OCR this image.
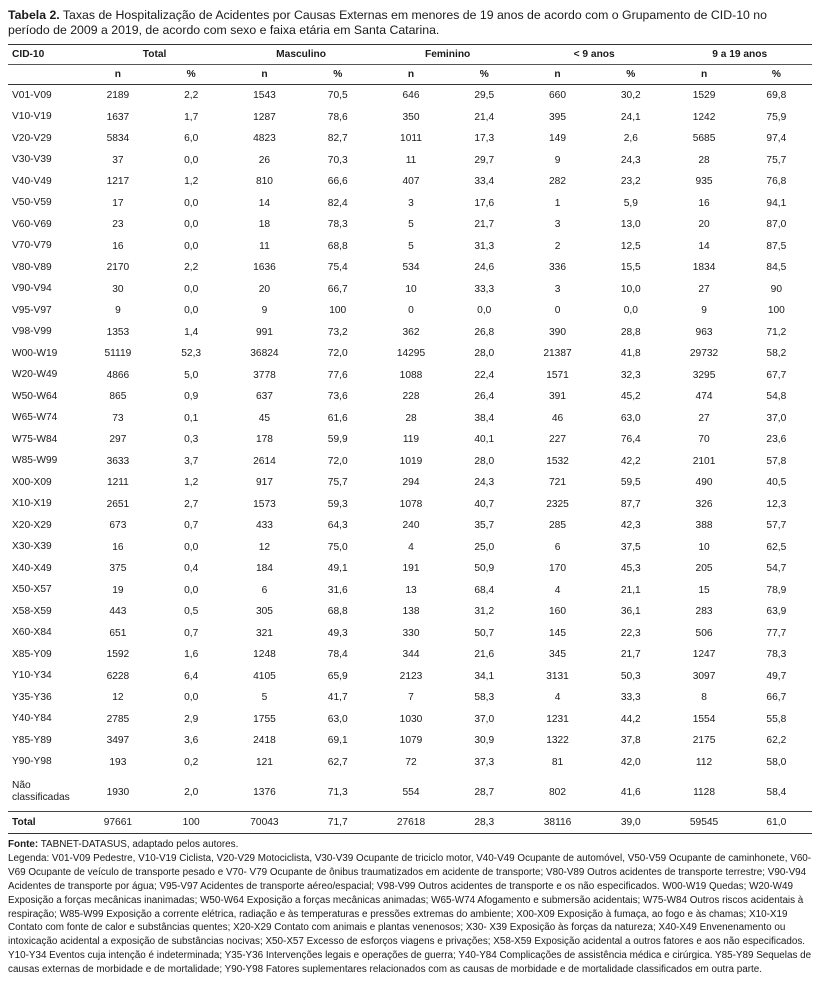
Tabela 2. Taxas de Hospitalização de Acidentes por Causas Externas em menores de 19 anos de acordo com o Grupamento de CID-10 no período de 2009 a 2019, de acordo com sexo e faixa etária em Santa Catarina.

CID-10	Total		Masculino		Feminino		< 9 anos		9 a 19 anos	
	n	%	n	%	n	%	n	%	n	%
V01-V09	2189	2,2	1543	70,5	646	29,5	660	30,2	1529	69,8
V10-V19	1637	1,7	1287	78,6	350	21,4	395	24,1	1242	75,9
V20-V29	5834	6,0	4823	82,7	1011	17,3	149	2,6	5685	97,4
V30-V39	37	0,0	26	70,3	11	29,7	9	24,3	28	75,7
V40-V49	1217	1,2	810	66,6	407	33,4	282	23,2	935	76,8
V50-V59	17	0,0	14	82,4	3	17,6	1	5,9	16	94,1
V60-V69	23	0,0	18	78,3	5	21,7	3	13,0	20	87,0
V70-V79	16	0,0	11	68,8	5	31,3	2	12,5	14	87,5
V80-V89	2170	2,2	1636	75,4	534	24,6	336	15,5	1834	84,5
V90-V94	30	0,0	20	66,7	10	33,3	3	10,0	27	90
V95-V97	9	0,0	9	100	0	0,0	0	0,0	9	100
V98-V99	1353	1,4	991	73,2	362	26,8	390	28,8	963	71,2
W00-W19	51119	52,3	36824	72,0	14295	28,0	21387	41,8	29732	58,2
W20-W49	4866	5,0	3778	77,6	1088	22,4	1571	32,3	3295	67,7
W50-W64	865	0,9	637	73,6	228	26,4	391	45,2	474	54,8
W65-W74	73	0,1	45	61,6	28	38,4	46	63,0	27	37,0
W75-W84	297	0,3	178	59,9	119	40,1	227	76,4	70	23,6
W85-W99	3633	3,7	2614	72,0	1019	28,0	1532	42,2	2101	57,8
X00-X09	1211	1,2	917	75,7	294	24,3	721	59,5	490	40,5
X10-X19	2651	2,7	1573	59,3	1078	40,7	2325	87,7	326	12,3
X20-X29	673	0,7	433	64,3	240	35,7	285	42,3	388	57,7
X30-X39	16	0,0	12	75,0	4	25,0	6	37,5	10	62,5
X40-X49	375	0,4	184	49,1	191	50,9	170	45,3	205	54,7
X50-X57	19	0,0	6	31,6	13	68,4	4	21,1	15	78,9
X58-X59	443	0,5	305	68,8	138	31,2	160	36,1	283	63,9
X60-X84	651	0,7	321	49,3	330	50,7	145	22,3	506	77,7
X85-Y09	1592	1,6	1248	78,4	344	21,6	345	21,7	1247	78,3
Y10-Y34	6228	6,4	4105	65,9	2123	34,1	3131	50,3	3097	49,7
Y35-Y36	12	0,0	5	41,7	7	58,3	4	33,3	8	66,7
Y40-Y84	2785	2,9	1755	63,0	1030	37,0	1231	44,2	1554	55,8
Y85-Y89	3497	3,6	2418	69,1	1079	30,9	1322	37,8	2175	62,2
Y90-Y98	193	0,2	121	62,7	72	37,3	81	42,0	112	58,0
Não classificadas	1930	2,0	1376	71,3	554	28,7	802	41,6	1128	58,4
Total	97661	100	70043	71,7	27618	28,3	38116	39,0	59545	61,0
Fonte: TABNET-DATASUS, adaptado pelos autores.
Legenda: V01-V09 Pedestre, V10-V19 Ciclista, V20-V29 Motociclista, V30-V39 Ocupante de triciclo motor, V40-V49 Ocupante de automóvel, V50-V59 Ocupante de caminhonete, V60- V69 Ocupante de veículo de transporte pesado e V70- V79 Ocupante de ônibus traumatizados em acidente de transporte; V80-V89 Outros acidentes de transporte terrestre; V90-V94 Acidentes de transporte por água; V95-V97 Acidentes de transporte aéreo/espacial; V98-V99 Outros acidentes de transporte e os não especificados. W00-W19 Quedas; W20-W49 Exposição a forças mecânicas inanimadas; W50-W64 Exposição a forças mecânicas animadas; W65-W74 Afogamento e submersão acidentais; W75-W84 Outros riscos acidentais à respiração; W85-W99 Exposição a corrente elétrica, radiação e às temperaturas e pressões extremas do ambiente; X00-X09 Exposição à fumaça, ao fogo e às chamas; X10-X19 Contato com fonte de calor e substâncias quentes; X20-X29 Contato com animais e plantas venenosos; X30- X39 Exposição às forças da natureza; X40-X49 Envenenamento ou intoxicação acidental a exposição de substâncias nocivas; X50-X57 Excesso de esforços viagens e privações; X58-X59 Exposição acidental a outros fatores e aos não especificados. Y10-Y34 Eventos cuja intenção é indeterminada; Y35-Y36 Intervenções legais e operações de guerra; Y40-Y84 Complicações de assistência médica e cirúrgica. Y85-Y89 Sequelas de causas externas de morbidade e de mortalidade; Y90-Y98 Fatores suplementares relacionados com as causas de morbidade e de mortalidade classificados em outra parte.
